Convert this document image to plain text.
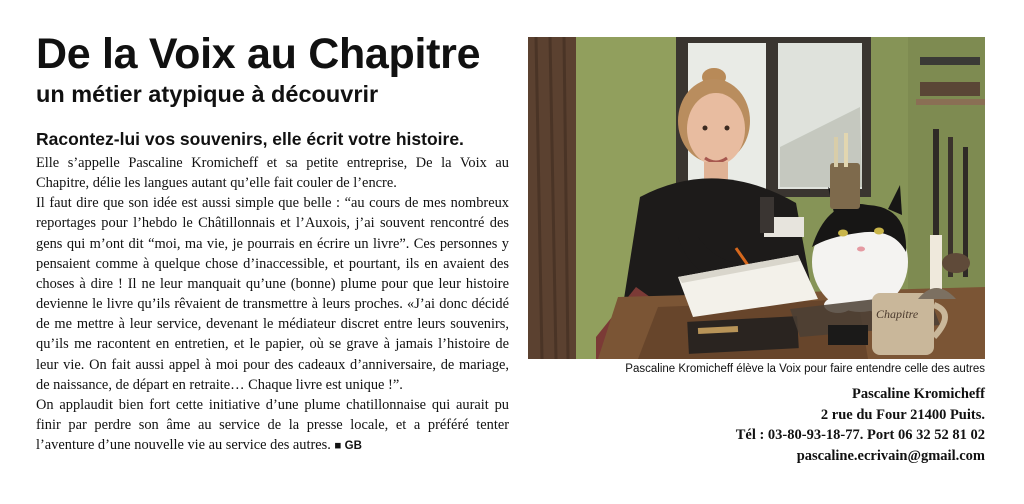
De la Voix au Chapitre
un métier atypique à découvrir
Racontez-lui vos souvenirs, elle écrit votre histoire.

Elle s’appelle Pascaline Kromicheff et sa petite entreprise, De la Voix au Chapitre, délie les langues autant qu’elle fait couler de l’encre.

Il faut dire que son idée est aussi simple que belle : “au cours de mes nombreux reportages pour l’hebdo le Châtillonnais et l’Auxois, j’ai souvent rencontré des gens qui m’ont dit “moi, ma vie, je pourrais en écrire un livre”. Ces personnes y pensaient comme à quelque chose d’inaccessible, et pourtant, ils en avaient des choses à dire ! Il ne leur manquait qu’une (bonne) plume pour que leur histoire devienne le livre qu’ils rêvaient de transmettre à leurs proches. «J’ai donc décidé de me mettre à leur service, devenant le médiateur discret entre leurs souvenirs, qu’ils me racontent en entretien, et le papier, où se grave à jamais l’histoire de leur vie. On fait aussi appel à moi pour des cadeaux d’anniversaire, de mariage, de naissance, de départ en retraite… Chaque livre est unique !”.

On applaudit bien fort cette initiative d’une plume chatillonnaise qui aurait pu finir par perdre son âme au service de la presse locale, et a préféré tenter l’aventure d’une nouvelle vie au service des autres. ■ GB

Chapitre
Pascaline Kromicheff élève la Voix pour faire entendre celle des autres
Pascaline Kromicheff
2 rue du Four 21400 Puits.
Tél : 03-80-93-18-77. Port 06 32 52 81 02
pascaline.ecrivain@gmail.com
